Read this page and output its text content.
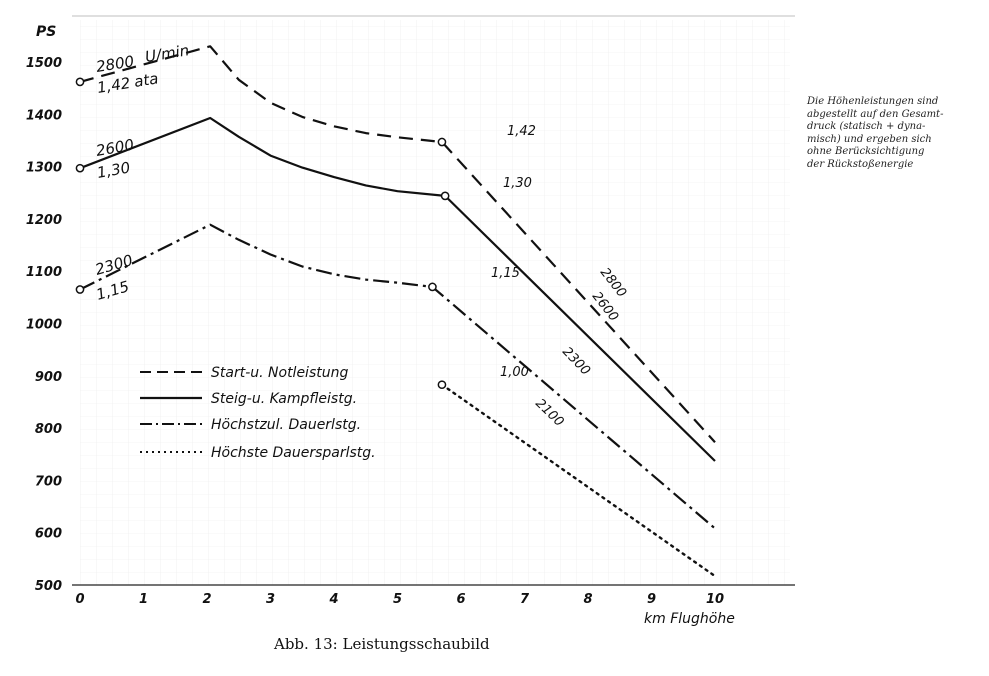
500
600
700
800
900
1000
1100
1200
1300
1400
1500
0	1	2	3	4	5	6	7	8	9	10
PS
km Flughöhe
2800 U/min
1,42 ata
2600
1,30
2300
1,15
1,42
1,30
1,15
1,00
2800
2600
2300
2100
Start-u. Notleistung
Steig-u. Kampfleistg.
Höchstzul. Dauerlstg.
Höchste Dauersparlstg.
Die Höhenleistungen sind
abgestellt auf den Gesamt-
druck (statisch + dyna-
misch) und ergeben sich
ohne Berücksichtigung
der Rückstoßenergie
Abb. 13: Leistungsschaubild
